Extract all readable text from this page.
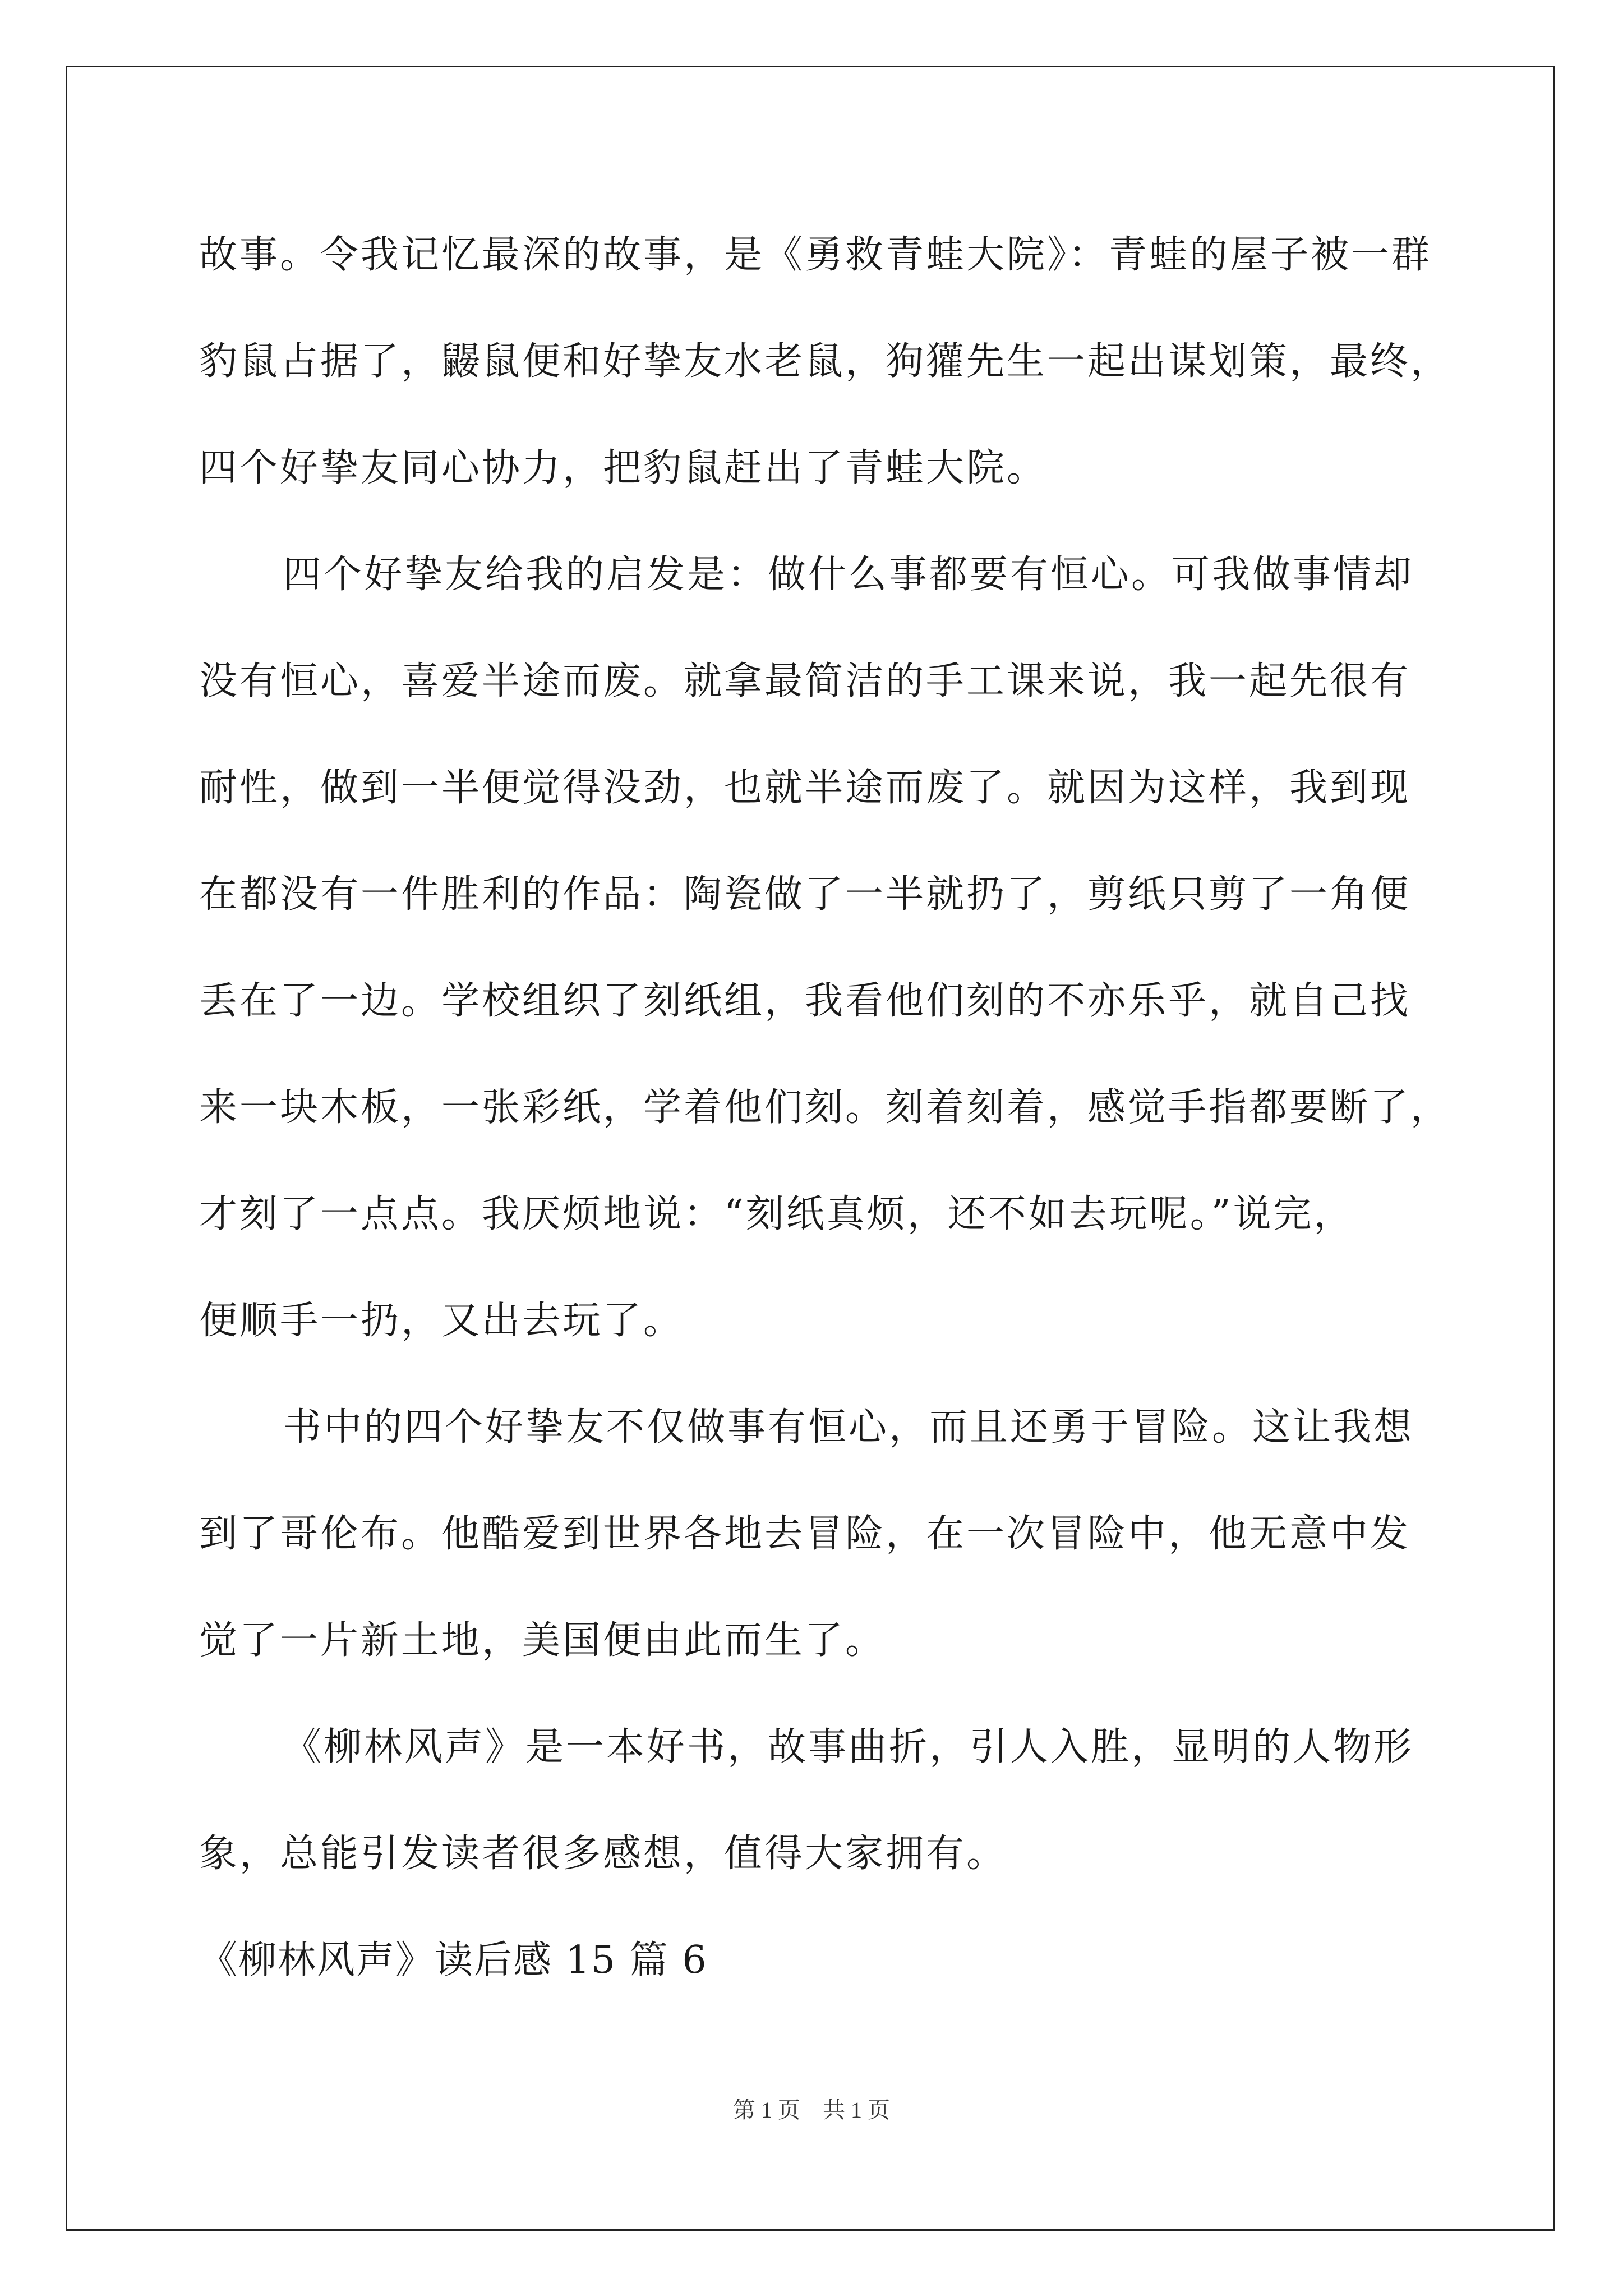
故事。令我记忆最深的故事，是《勇救青蛙大院》：青蛙的屋子被一群
豹鼠占据了，鼹鼠便和好挚友水老鼠，狗獾先生一起出谋划策，最终，
四个好挚友同心协力，把豹鼠赶出了青蛙大院。
四个好挚友给我的启发是：做什么事都要有恒心。可我做事情却
没有恒心，喜爱半途而废。就拿最简洁的手工课来说，我一起先很有
耐性，做到一半便觉得没劲，也就半途而废了。就因为这样，我到现
在都没有一件胜利的作品：陶瓷做了一半就扔了，剪纸只剪了一角便
丢在了一边。学校组织了刻纸组，我看他们刻的不亦乐乎，就自己找
来一块木板，一张彩纸，学着他们刻。刻着刻着，感觉手指都要断了，
才刻了一点点。我厌烦地说：“刻纸真烦，还不如去玩呢。”说完，
便顺手一扔，又出去玩了。
书中的四个好挚友不仅做事有恒心，而且还勇于冒险。这让我想
到了哥伦布。他酷爱到世界各地去冒险，在一次冒险中，他无意中发
觉了一片新土地，美国便由此而生了。
《柳林风声》是一本好书，故事曲折，引人入胜，显明的人物形
象，总能引发读者很多感想，值得大家拥有。
《柳林风声》读后感 15 篇 6
第 1 页　共 1 页
